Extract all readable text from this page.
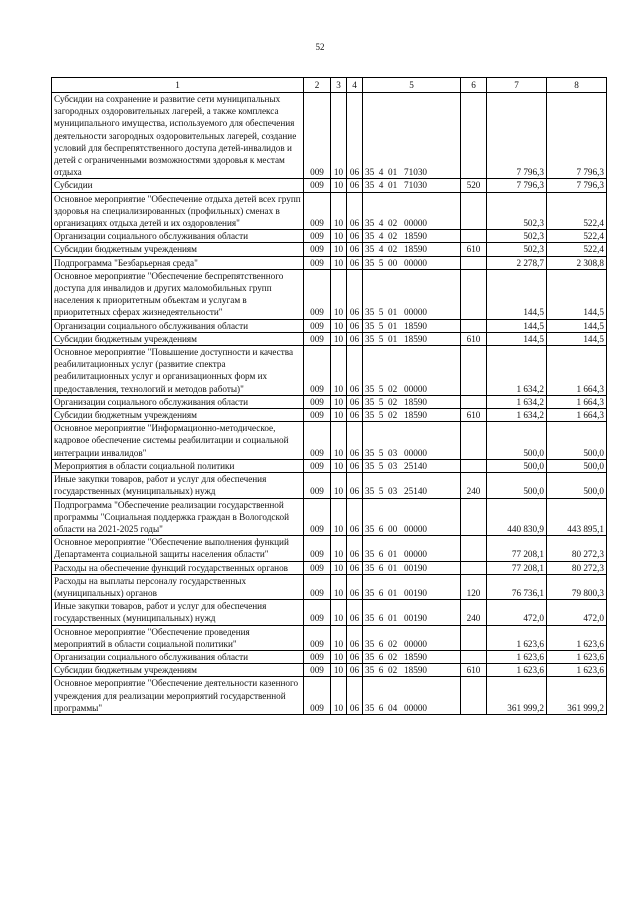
52
1	2	3	4	5	6	7	8
Субсидии на сохранение и развитие сети муниципальных загородных оздоровительных лагерей, а также комплекса муниципального имущества, используемого для обеспечения деятельности загородных оздоровительных лагерей, создание условий для беспрепятственного доступа детей-инвалидов и детей с ограниченными возможностями здоровья к местам отдыха	009	10	06	35  4  01   71030		7 796,3	7 796,3
Субсидии	009	10	06	35  4  01   71030	520	7 796,3	7 796,3
Основное мероприятие "Обеспечение отдыха детей всех групп здоровья на специализированных (профильных) сменах в организациях отдыха детей и их оздоровления"	009	10	06	35  4  02   00000		502,3	522,4
Организации социального обслуживания области	009	10	06	35  4  02   18590		502,3	522,4
Субсидии бюджетным учреждениям	009	10	06	35  4  02   18590	610	502,3	522,4
Подпрограмма "Безбарьерная среда"	009	10	06	35  5  00   00000		2 278,7	2 308,8
Основное мероприятие "Обеспечение беспрепятственного доступа для инвалидов и других маломобильных групп населения к приоритетным объектам и услугам в приоритетных сферах жизнедеятельности"	009	10	06	35  5  01   00000		144,5	144,5
Организации социального обслуживания области	009	10	06	35  5  01   18590		144,5	144,5
Субсидии бюджетным учреждениям	009	10	06	35  5  01   18590	610	144,5	144,5
Основное мероприятие "Повышение доступности и качества реабилитационных услуг (развитие спектра реабилитационных услуг и организационных форм их предоставления, технологий и методов работы)"	009	10	06	35  5  02   00000		1 634,2	1 664,3
Организации социального обслуживания области	009	10	06	35  5  02   18590		1 634,2	1 664,3
Субсидии бюджетным учреждениям	009	10	06	35  5  02   18590	610	1 634,2	1 664,3
Основное мероприятие "Информационно-методическое, кадровое обеспечение системы реабилитации и социальной интеграции инвалидов"	009	10	06	35  5  03   00000		500,0	500,0
Мероприятия в области социальной политики	009	10	06	35  5  03   25140		500,0	500,0
Иные закупки товаров, работ и услуг для обеспечения государственных (муниципальных) нужд	009	10	06	35  5  03   25140	240	500,0	500,0
Подпрограмма "Обеспечение реализации государственной программы "Социальная поддержка граждан в Вологодской области на 2021-2025 годы"	009	10	06	35  6  00   00000		440 830,9	443 895,1
Основное мероприятие "Обеспечение выполнения функций Департамента социальной защиты населения области"	009	10	06	35  6  01   00000		77 208,1	80 272,3
Расходы на обеспечение функций государственных органов	009	10	06	35  6  01   00190		77 208,1	80 272,3
Расходы на выплаты персоналу государственных (муниципальных) органов	009	10	06	35  6  01   00190	120	76 736,1	79 800,3
Иные закупки товаров, работ и услуг для обеспечения государственных (муниципальных) нужд	009	10	06	35  6  01   00190	240	472,0	472,0
Основное мероприятие "Обеспечение проведения мероприятий в области социальной политики"	009	10	06	35  6  02   00000		1 623,6	1 623,6
Организации социального обслуживания области	009	10	06	35  6  02   18590		1 623,6	1 623,6
Субсидии бюджетным учреждениям	009	10	06	35  6  02   18590	610	1 623,6	1 623,6
Основное мероприятие "Обеспечение деятельности казенного учреждения для реализации мероприятий государственной программы"	009	10	06	35  6  04   00000		361 999,2	361 999,2
